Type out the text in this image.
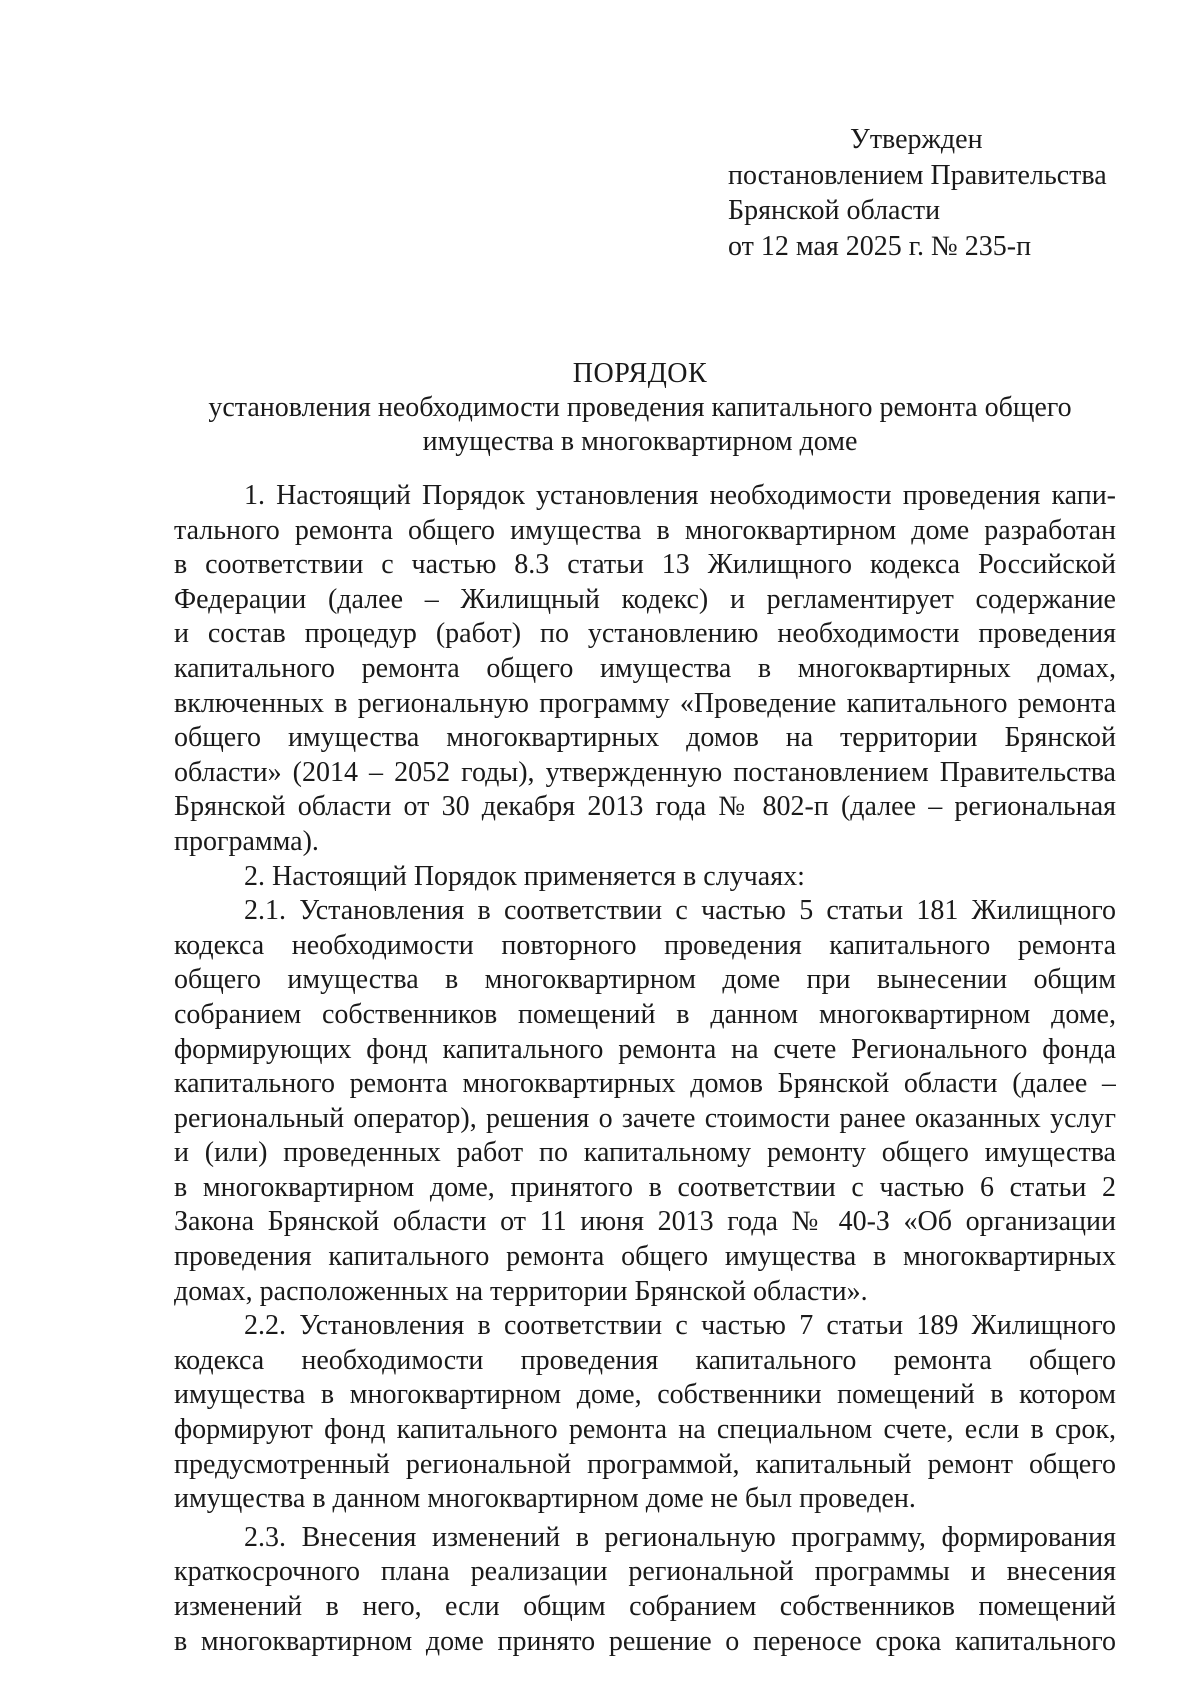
Утвержден
постановлением Правительства
Брянской области
от 12 мая 2025 г. № 235-п
ПОРЯДОК
установления необходимости проведения капитального ремонта общего
имущества в многоквартирном доме
1. Настоящий Порядок установления необходимости проведения капи-
тального ремонта общего имущества в многоквартирном доме разработан
в соответствии с частью 8.3 статьи 13 Жилищного кодекса Российской
Федерации (далее – Жилищный кодекс) и регламентирует содержание
и состав процедур (работ) по установлению необходимости проведения
капитального ремонта общего имущества в многоквартирных домах,
включенных в региональную программу «Проведение капитального ремонта
общего имущества многоквартирных домов на территории Брянской
области» (2014 – 2052 годы), утвержденную постановлением Правительства
Брянской области от 30 декабря 2013 года № 802-п (далее – региональная
программа).
2. Настоящий Порядок применяется в случаях:
2.1. Установления в соответствии с частью 5 статьи 181 Жилищного
кодекса необходимости повторного проведения капитального ремонта
общего имущества в многоквартирном доме при вынесении общим
собранием собственников помещений в данном многоквартирном доме,
формирующих фонд капитального ремонта на счете Регионального фонда
капитального ремонта многоквартирных домов Брянской области (далее –
региональный оператор), решения о зачете стоимости ранее оказанных услуг
и (или) проведенных работ по капитальному ремонту общего имущества
в многоквартирном доме, принятого в соответствии с частью 6 статьи 2
Закона Брянской области от 11 июня 2013 года № 40-З «Об организации
проведения капитального ремонта общего имущества в многоквартирных
домах, расположенных на территории Брянской области».
2.2. Установления в соответствии с частью 7 статьи 189 Жилищного
кодекса необходимости проведения капитального ремонта общего
имущества в многоквартирном доме, собственники помещений в котором
формируют фонд капитального ремонта на специальном счете, если в срок,
предусмотренный региональной программой, капитальный ремонт общего
имущества в данном многоквартирном доме не был проведен.
2.3. Внесения изменений в региональную программу, формирования
краткосрочного плана реализации региональной программы и внесения
изменений в него, если общим собранием собственников помещений
в многоквартирном доме принято решение о переносе срока капитального
